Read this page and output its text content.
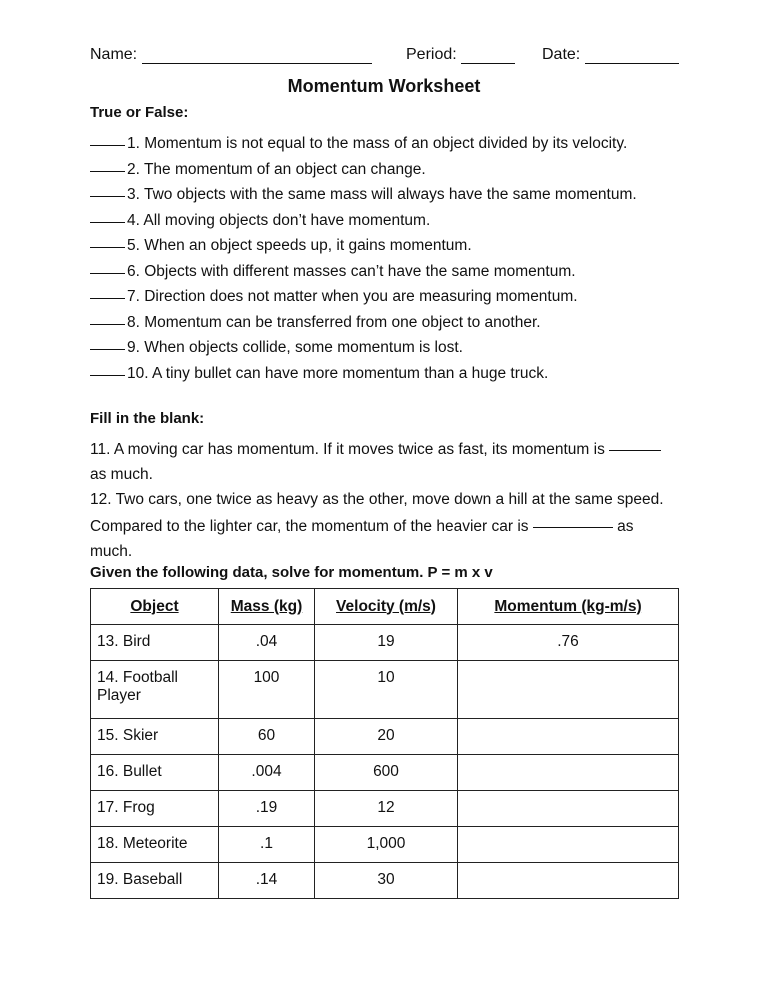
Name:	Period:	Date:
Momentum Worksheet
True or False:
1. Momentum is not equal to the mass of an object divided by its velocity.
2. The momentum of an object can change.
3. Two objects with the same mass will always have the same momentum.
4. All moving objects don’t have momentum.
5. When an object speeds up, it gains momentum.
6. Objects with different masses can’t have the same momentum.
7. Direction does not matter when you are measuring momentum.
8. Momentum can be transferred from one object to another.
9. When objects collide, some momentum is lost.
10. A tiny bullet can have more momentum than a huge truck.
Fill in the blank:
11. A moving car has momentum. If it moves twice as fast, its momentum is  as much.
12. Two cars, one twice as heavy as the other, move down a hill at the same speed. Compared to the lighter car, the momentum of the heavier car is	as much.
Given the following data, solve for momentum. P = m x v
Object	Mass (kg)	Velocity (m/s)	Momentum (kg-m/s)
13. Bird	.04	19	.76
14. Football Player	100	10	
15. Skier	60	20	
16. Bullet	.004	600	
17. Frog	.19	12	
18. Meteorite	.1	1,000	
19. Baseball	.14	30	
